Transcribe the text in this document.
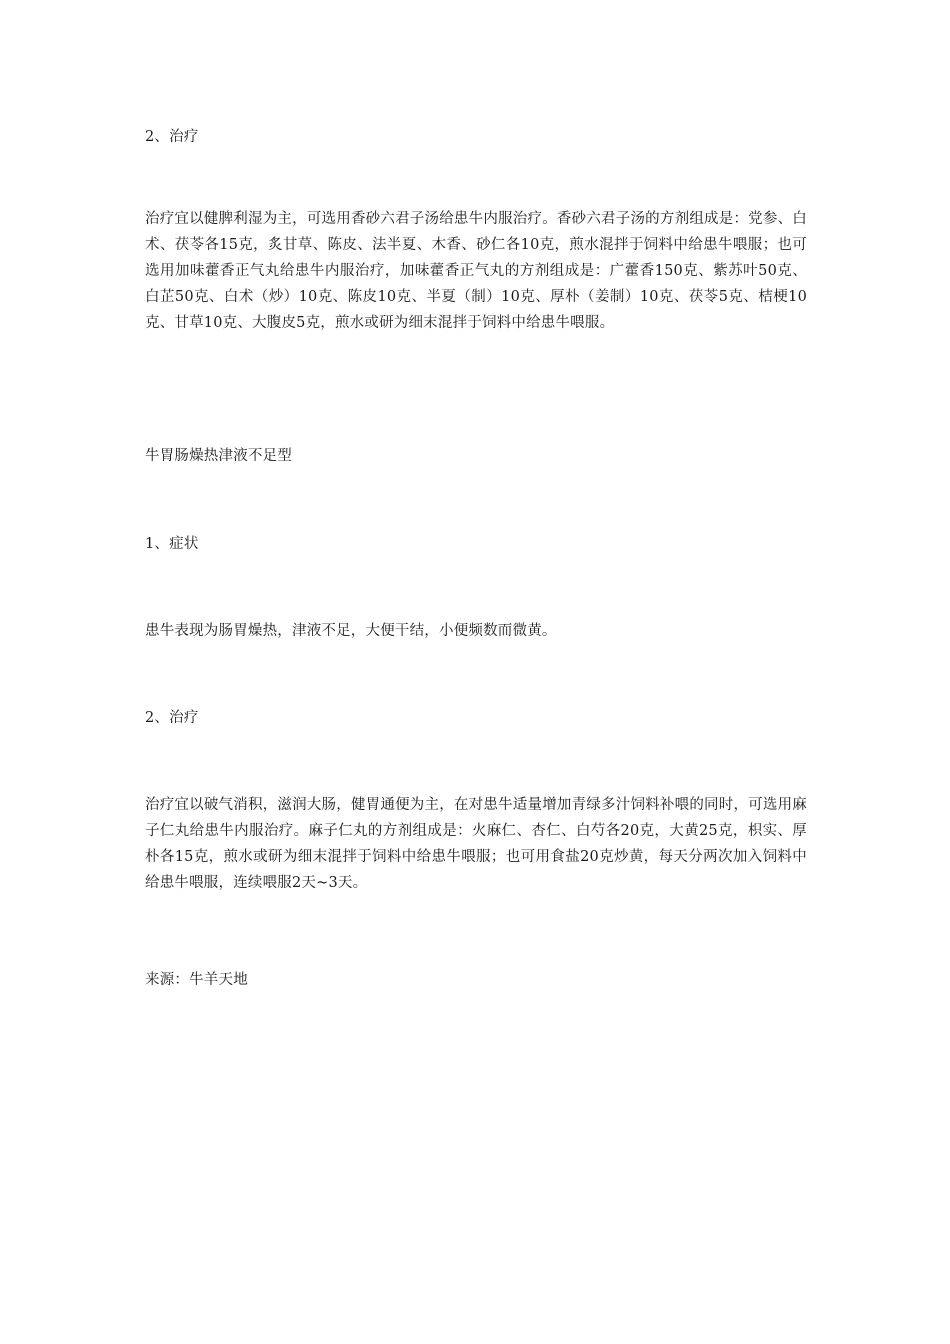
2、治疗

治疗宜以健脾利湿为主，可选用香砂六君子汤给患牛内服治疗。香砂六君子汤的方剂组成是：党参、白术、茯苓各15克，炙甘草、陈皮、法半夏、木香、砂仁各10克，煎水混拌于饲料中给患牛喂服；也可选用加味藿香正气丸给患牛内服治疗，加味藿香正气丸的方剂组成是：广藿香150克、紫苏叶50克、白芷50克、白术（炒）10克、陈皮10克、半夏（制）10克、厚朴（姜制）10克、茯苓5克、桔梗10克、甘草10克、大腹皮5克，煎水或研为细末混拌于饲料中给患牛喂服。

牛胃肠燥热津液不足型

1、症状

患牛表现为肠胃燥热，津液不足，大便干结，小便频数而微黄。

2、治疗

治疗宜以破气消积，滋润大肠，健胃通便为主，在对患牛适量增加青绿多汁饲料补喂的同时，可选用麻子仁丸给患牛内服治疗。麻子仁丸的方剂组成是：火麻仁、杏仁、白芍各20克，大黄25克，枳实、厚朴各15克，煎水或研为细末混拌于饲料中给患牛喂服；也可用食盐20克炒黄，每天分两次加入饲料中给患牛喂服，连续喂服2天~3天。

来源：牛羊天地
